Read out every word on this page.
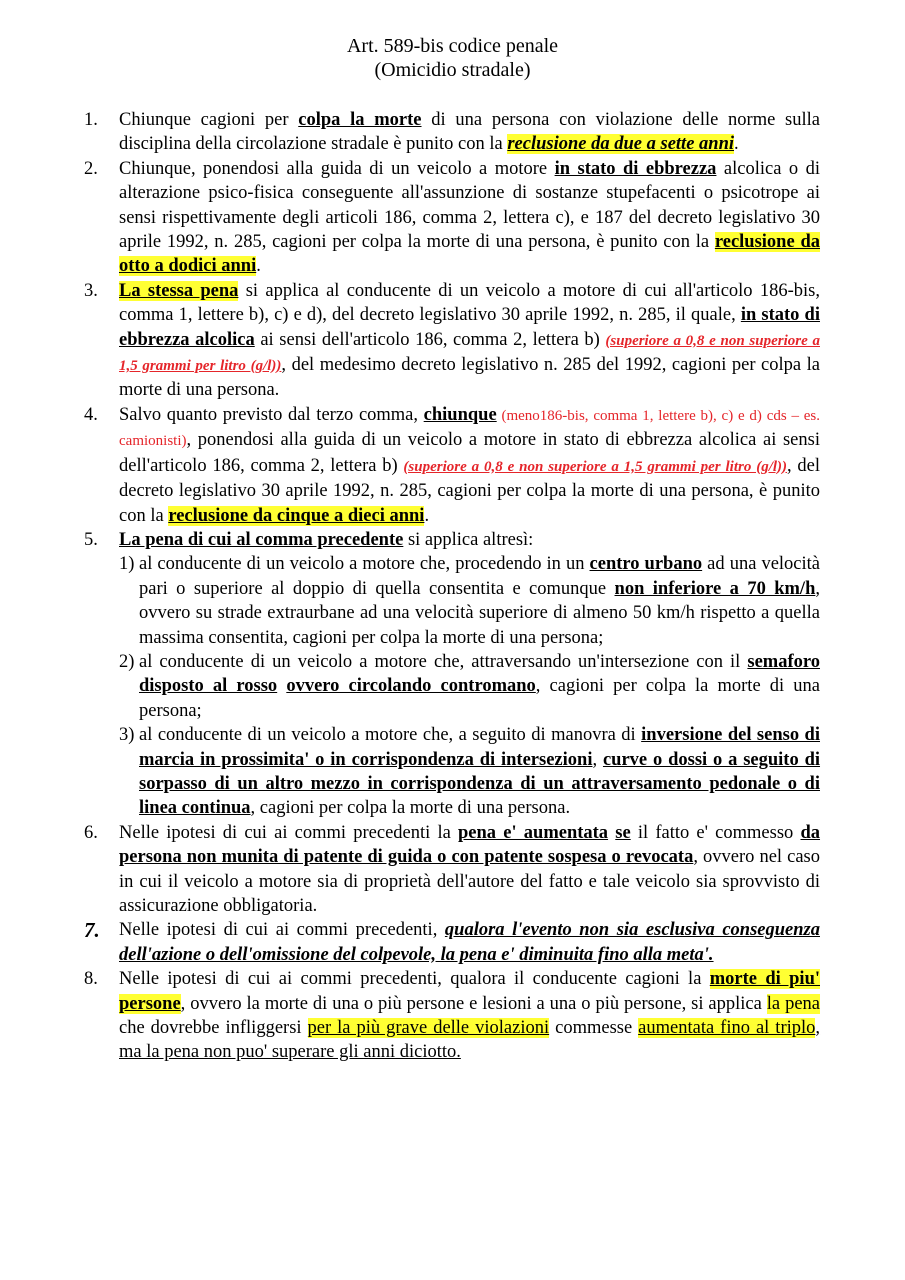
Art. 589-bis codice penale
(Omicidio stradale)
1. Chiunque cagioni per colpa la morte di una persona con violazione delle norme sulla disciplina della circolazione stradale è punito con la reclusione da due a sette anni.
2. Chiunque, ponendosi alla guida di un veicolo a motore in stato di ebbrezza alcolica o di alterazione psico-fisica conseguente all'assunzione di sostanze stupefacenti o psicotrope ai sensi rispettivamente degli articoli 186, comma 2, lettera c), e 187 del decreto legislativo 30 aprile 1992, n. 285, cagioni per colpa la morte di una persona, è punito con la reclusione da otto a dodici anni.
3. La stessa pena si applica al conducente di un veicolo a motore di cui all'articolo 186-bis, comma 1, lettere b), c) e d), del decreto legislativo 30 aprile 1992, n. 285, il quale, in stato di ebbrezza alcolica ai sensi dell'articolo 186, comma 2, lettera b) (superiore a 0,8 e non superiore a 1,5 grammi per litro (g/l)), del medesimo decreto legislativo n. 285 del 1992, cagioni per colpa la morte di una persona.
4. Salvo quanto previsto dal terzo comma, chiunque (meno186-bis, comma 1, lettere b), c) e d) cds – es. camionisti), ponendosi alla guida di un veicolo a motore in stato di ebbrezza alcolica ai sensi dell'articolo 186, comma 2, lettera b) (superiore a 0,8 e non superiore a 1,5 grammi per litro (g/l)), del decreto legislativo 30 aprile 1992, n. 285, cagioni per colpa la morte di una persona, è punito con la reclusione da cinque a dieci anni.
5. La pena di cui al comma precedente si applica altresì:
1) al conducente di un veicolo a motore che, procedendo in un centro urbano ad una velocità pari o superiore al doppio di quella consentita e comunque non inferiore a 70 km/h, ovvero su strade extraurbane ad una velocità superiore di almeno 50 km/h rispetto a quella massima consentita, cagioni per colpa la morte di una persona;
2) al conducente di un veicolo a motore che, attraversando un'intersezione con il semaforo disposto al rosso ovvero circolando contromano, cagioni per colpa la morte di una persona;
3) al conducente di un veicolo a motore che, a seguito di manovra di inversione del senso di marcia in prossimita' o in corrispondenza di intersezioni, curve o dossi o a seguito di sorpasso di un altro mezzo in corrispondenza di un attraversamento pedonale o di linea continua, cagioni per colpa la morte di una persona.
6. Nelle ipotesi di cui ai commi precedenti la pena e' aumentata se il fatto e' commesso da persona non munita di patente di guida o con patente sospesa o revocata, ovvero nel caso in cui il veicolo a motore sia di proprietà dell'autore del fatto e tale veicolo sia sprovvisto di assicurazione obbligatoria.
7. Nelle ipotesi di cui ai commi precedenti, qualora l'evento non sia esclusiva conseguenza dell'azione o dell'omissione del colpevole, la pena e' diminuita fino alla meta'.
8. Nelle ipotesi di cui ai commi precedenti, qualora il conducente cagioni la morte di piu' persone, ovvero la morte di una o più persone e lesioni a una o più persone, si applica la pena che dovrebbe infliggersi per la più grave delle violazioni commesse aumentata fino al triplo, ma la pena non puo' superare gli anni diciotto.
